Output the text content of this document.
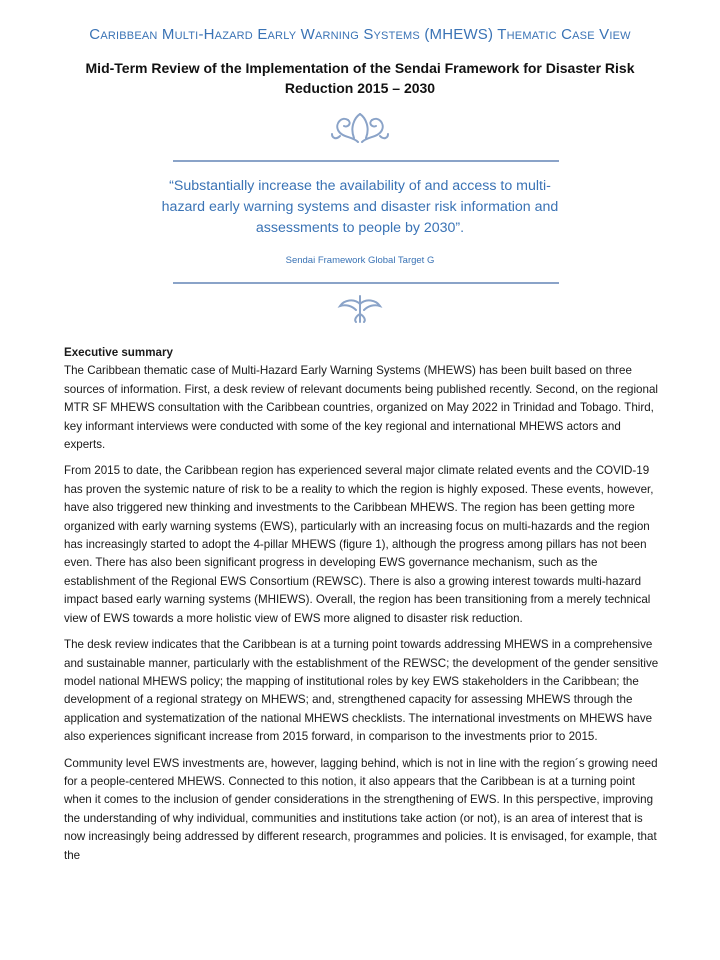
Caribbean Multi-Hazard Early Warning Systems (MHEWS) Thematic Case View
Mid-Term Review of the Implementation of the Sendai Framework for Disaster Risk Reduction 2015 – 2030
“Substantially increase the availability of and access to multi-hazard early warning systems and disaster risk information and assessments to people by 2030”.
Sendai Framework Global Target G
Executive summary

The Caribbean thematic case of Multi-Hazard Early Warning Systems (MHEWS) has been built based on three sources of information. First, a desk review of relevant documents being published recently. Second, on the regional MTR SF MHEWS consultation with the Caribbean countries, organized on May 2022 in Trinidad and Tobago. Third, key informant interviews were conducted with some of the key regional and international MHEWS actors and experts.

From 2015 to date, the Caribbean region has experienced several major climate related events and the COVID-19 has proven the systemic nature of risk to be a reality to which the region is highly exposed. These events, however, have also triggered new thinking and investments to the Caribbean MHEWS. The region has been getting more organized with early warning systems (EWS), particularly with an increasing focus on multi-hazards and the region has increasingly started to adopt the 4-pillar MHEWS (figure 1), although the progress among pillars has not been even. There has also been significant progress in developing EWS governance mechanism, such as the establishment of the Regional EWS Consortium (REWSC). There is also a growing interest towards multi-hazard impact based early warning systems (MHIEWS). Overall, the region has been transitioning from a merely technical view of EWS towards a more holistic view of EWS more aligned to disaster risk reduction.

The desk review indicates that the Caribbean is at a turning point towards addressing MHEWS in a comprehensive and sustainable manner, particularly with the establishment of the REWSC; the development of the gender sensitive model national MHEWS policy; the mapping of institutional roles by key EWS stakeholders in the Caribbean; the development of a regional strategy on MHEWS; and, strengthened capacity for assessing MHEWS through the application and systematization of the national MHEWS checklists. The international investments on MHEWS have also experiences significant increase from 2015 forward, in comparison to the investments prior to 2015.

Community level EWS investments are, however, lagging behind, which is not in line with the region´s growing need for a people-centered MHEWS. Connected to this notion, it also appears that the Caribbean is at a turning point when it comes to the inclusion of gender considerations in the strengthening of EWS. In this perspective, improving the understanding of why individual, communities and institutions take action (or not), is an area of interest that is now increasingly being addressed by different research, programmes and policies. It is envisaged, for example, that the
